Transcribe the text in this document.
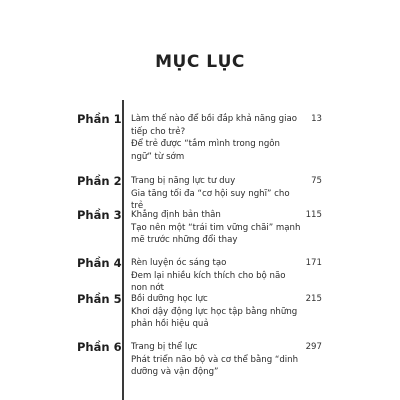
MỤC LỤC
Phần 1 Làm thế nào để bồi đắp khả năng giao tiếp cho trẻ?
Để trẻ được “tắm mình trong ngôn ngữ” từ sớm
13
Phần 2 Trang bị năng lực tư duy
Gia tăng tối đa “cơ hội suy nghĩ” cho trẻ
75
Phần 3 Khẳng định bản thân
Tạo nên một “trái tim vững chãi” mạnh mẽ trước những đổi thay
115
Phần 4 Rèn luyện óc sáng tạo
Đem lại nhiều kích thích cho bộ não non nớt
171
Phần 5 Bồi dưỡng học lực
Khơi dậy động lực học tập bằng những phản hồi hiệu quả
215
Phần 6 Trang bị thể lực
Phát triển não bộ và cơ thể bằng “dinh dưỡng và vận động”
297
